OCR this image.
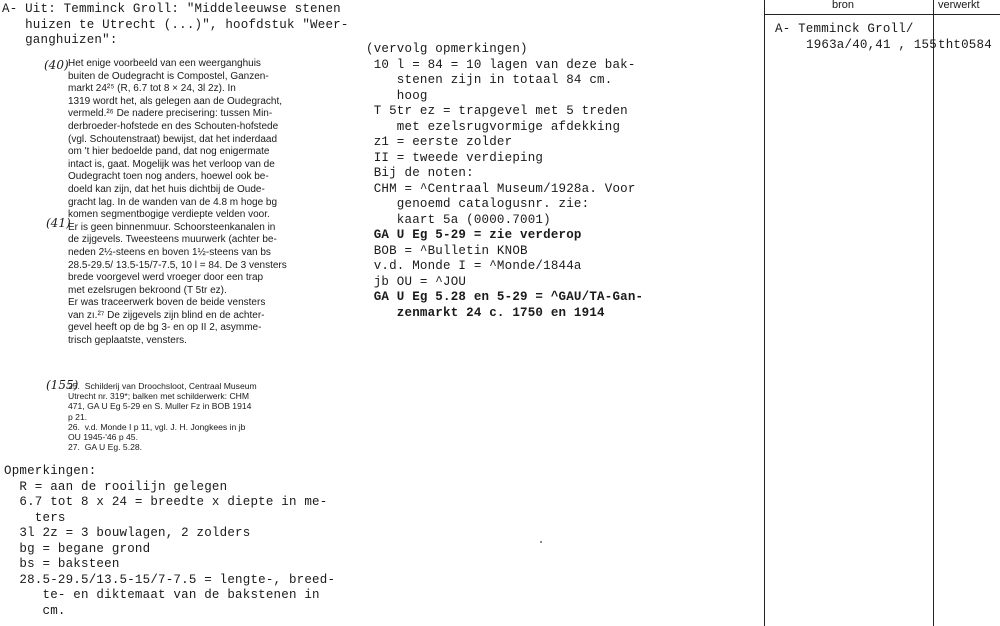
bron	verwerkt
A- Temminck Groll/
1963a/40,41 , 155 tht0584
A- Uit: Temminck Groll: "Middeleeuwse stenen
huizen te Utrecht (...)", hoofdstuk "Weer-
ganghuizen":
(40)
(41)
(155)
Het enige voorbeeld van een weerganghuis
buiten de Oudegracht is Compostel, Ganzen-
markt 24²⁵ (R, 6.7 tot 8 × 24, 3l 2z). In
1319 wordt het, als gelegen aan de Oudegracht,
vermeld.²⁶ De nadere precisering: tussen Min-
derbroeder-hofstede en des Schouten-hofstede
(vgl. Schoutenstraat) bewijst, dat het inderdaad
om 't hier bedoelde pand, dat nog enigermate
intact is, gaat. Mogelijk was het verloop van de
Oudegracht toen nog anders, hoewel ook be-
doeld kan zijn, dat het huis dichtbij de Oude-
gracht lag. In de wanden van de 4.8 m hoge bg
komen segmentbogige verdiepte velden voor.
Er is geen binnenmuur. Schoorsteenkanalen in
de zijgevels. Tweesteens muurwerk (achter be-
neden 2½-steens en boven 1½-steens van bs
28.5-29.5/ 13.5-15/7-7.5, 10 l = 84. De 3 vensters
brede voorgevel werd vroeger door een trap
met ezelsrugen bekroond (T 5tr ez).
Er was traceerwerk boven de beide vensters
van zı.²⁷ De zijgevels zijn blind en de achter-
gevel heeft op de bg 3- en op II 2, asymme-
trisch geplaatste, vensters.
25.  Schilderij van Droochsloot, Centraal Museum
Utrecht nr. 319*; balken met schilderwerk: CHM
471, GA U Eg 5-29 en S. Muller Fz in BOB 1914
p 21.
26.  v.d. Monde I p 11, vgl. J. H. Jongkees in jb
OU 1945-'46 p 45.
27.  GA U Eg. 5.28.
Opmerkingen:
R = aan de rooilijn gelegen
6.7 tot 8 x 24 = breedte x diepte in me-
ters
3l 2z = 3 bouwlagen, 2 zolders
bg = begane grond
bs = baksteen
28.5-29.5/13.5-15/7-7.5 = lengte-, breed-
te- en diktemaat van de bakstenen in
cm.
(vervolg opmerkingen)
10 l = 84 = 10 lagen van deze bak-
stenen zijn in totaal 84 cm.
hoog
T 5tr ez = trapgevel met 5 treden
met ezelsrugvormige afdekking
z1 = eerste zolder
II = tweede verdieping
Bij de noten:
CHM = ^Centraal Museum/1928a. Voor
genoemd catalogusnr. zie:
kaart 5a (0000.7001)
GA U Eg 5-29 = zie verderop
BOB = ^Bulletin KNOB
v.d. Monde I = ^Monde/1844a
jb OU = ^JOU
GA U Eg 5.28 en 5-29 = ^GAU/TA-Gan-
zenmarkt 24 c. 1750 en 1914
